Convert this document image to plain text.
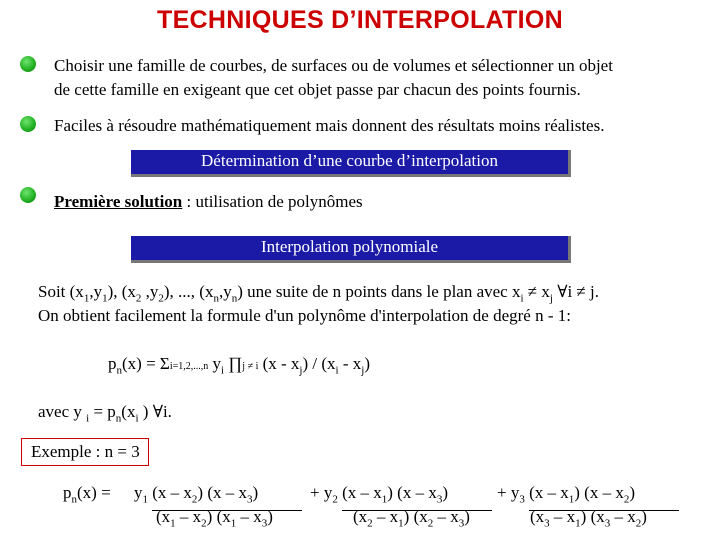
TECHNIQUES D’INTERPOLATION
Choisir une famille de courbes, de surfaces ou de volumes et sélectionner un objet
de cette famille en exigeant que cet objet passe par chacun des points fournis.
Faciles à résoudre mathématiquement mais donnent des résultats moins réalistes.
Détermination d’une courbe d’interpolation
Première solution : utilisation de polynômes
Interpolation polynomiale
Soit $(x_1,y_1)$, ($x_2$ $,y_2$), ..., $(x_n,y_n)$ une suite de n points dans le plan avec $x_i \ne x_j$ ∀i ≠ j.
On obtient facilement la formule d'un polynôme d'interpolation de degré n - 1:
$p_n(x) = \Sigma i=1,2,...,n$ $y_i$ ∏j ≠ i $(x - x_j) / (x_i - x_j)$
avec y $_i = p_n(x_i$ ) ∀i.
Exemple : n = 3
$p_n(x) = y_1$ $(x - x_2)$ $(x - x_3)$
$(x_1 - x_2)$ $(x_1 - x_3)$
+ $y_2$ $(x - x_1)$ $(x - x_3)$
$(x_2 - x_1)$ $(x_2 - x_3)$
+ $y_3$ $(x - x_1)$ $(x - x_2)$
$(x_3 - x_1)$ $(x_3 - x_2)$
